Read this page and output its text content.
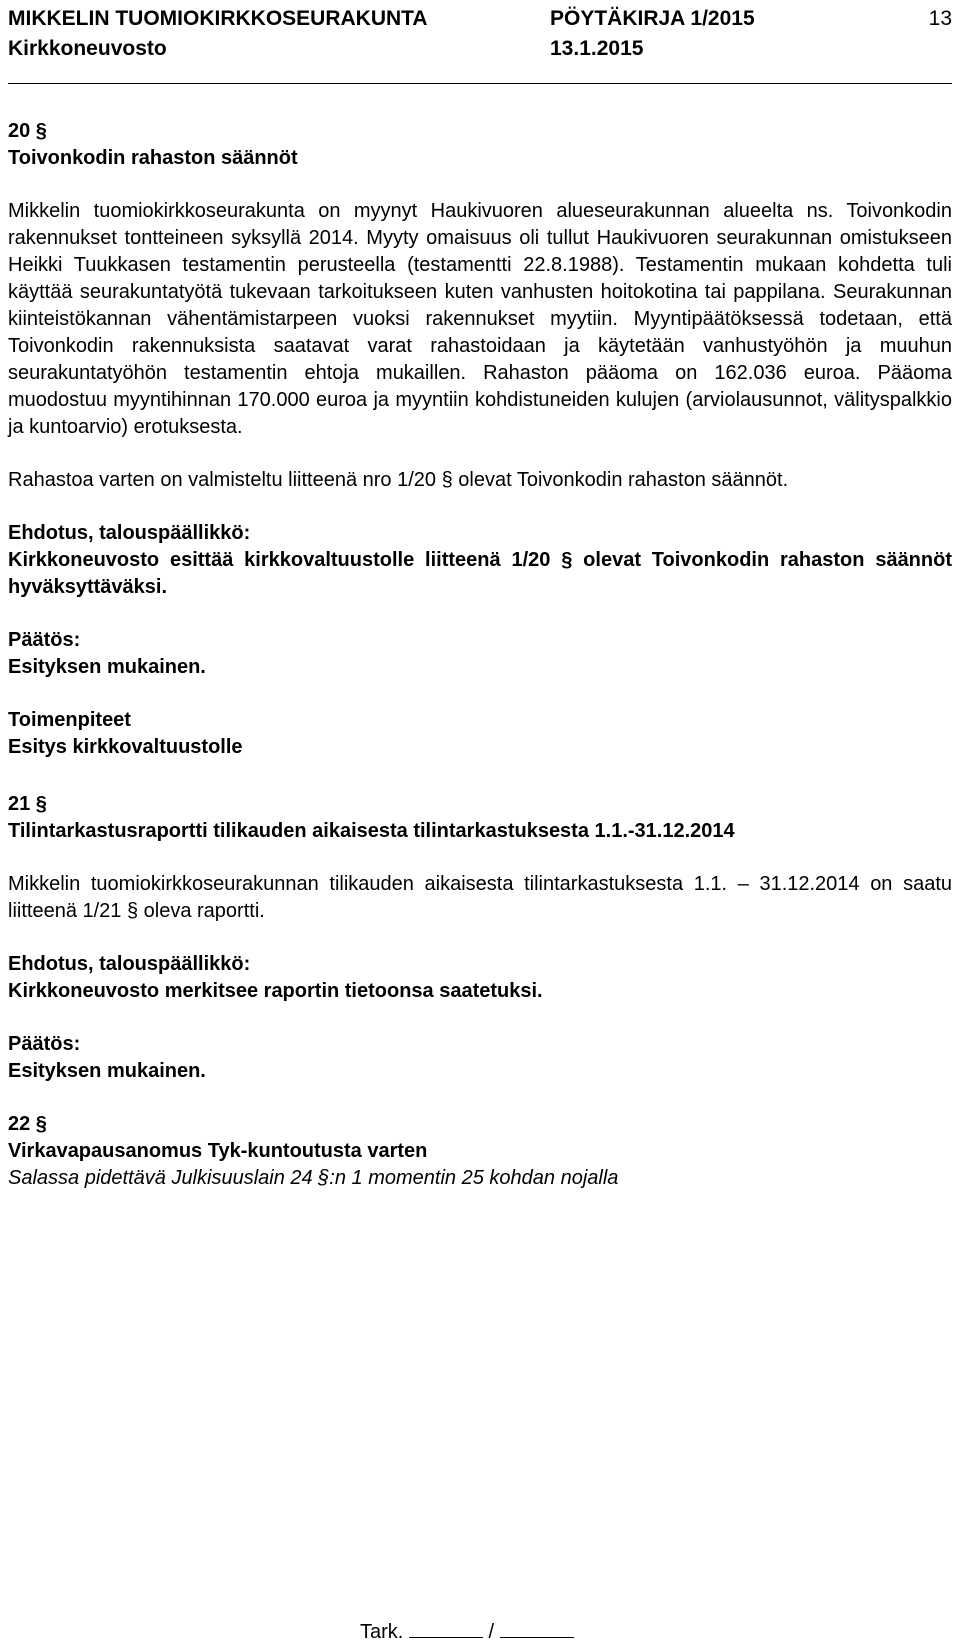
MIKKELIN TUOMIOKIRKKOSEURAKUNTA	PÖYTÄKIRJA 1/2015	13
Kirkkoneuvosto	13.1.2015

20 §

Toivonkodin rahaston säännöt

Mikkelin tuomiokirkkoseurakunta on myynyt Haukivuoren alueseurakunnan alueelta ns. Toivonkodin rakennukset tontteineen syksyllä 2014. Myyty omaisuus oli tullut Haukivuoren seurakunnan omistukseen Heikki Tuukkasen testamentin perusteella (testamentti 22.8.1988). Testamentin mukaan kohdetta tuli käyttää seurakuntatyötä tukevaan tarkoitukseen kuten vanhusten hoitokotina tai pappilana. Seurakunnan kiinteistökannan vähentämistarpeen vuoksi rakennukset myytiin. Myyntipäätöksessä todetaan, että Toivonkodin rakennuksista saatavat varat rahastoidaan ja käytetään vanhustyöhön ja muuhun seurakuntatyöhön testamentin ehtoja mukaillen. Rahaston pääoma on 162.036 euroa. Pääoma muodostuu myyntihinnan 170.000 euroa ja myyntiin kohdistuneiden kulujen (arviolausunnot, välityspalkkio ja kuntoarvio) erotuksesta.

Rahastoa varten on valmisteltu liitteenä nro 1/20 § olevat Toivonkodin rahaston säännöt.

Ehdotus, talouspäällikkö:

Kirkkoneuvosto esittää kirkkovaltuustolle liitteenä 1/20 § olevat Toivonkodin rahaston säännöt hyväksyttäväksi.

Päätös:

Esityksen mukainen.

Toimenpiteet

Esitys kirkkovaltuustolle

21 §

Tilintarkastusraportti tilikauden aikaisesta tilintarkastuksesta 1.1.-31.12.2014

Mikkelin tuomiokirkkoseurakunnan tilikauden aikaisesta tilintarkastuksesta 1.1. – 31.12.2014 on saatu liitteenä 1/21 § oleva raportti.

Ehdotus, talouspäällikkö:

Kirkkoneuvosto merkitsee raportin tietoonsa saatetuksi.

Päätös:

Esityksen mukainen.

22 §

Virkavapausanomus Tyk-kuntoutusta varten

Salassa pidettävä Julkisuuslain 24 §:n 1 momentin 25 kohdan nojalla

Tark.	/
